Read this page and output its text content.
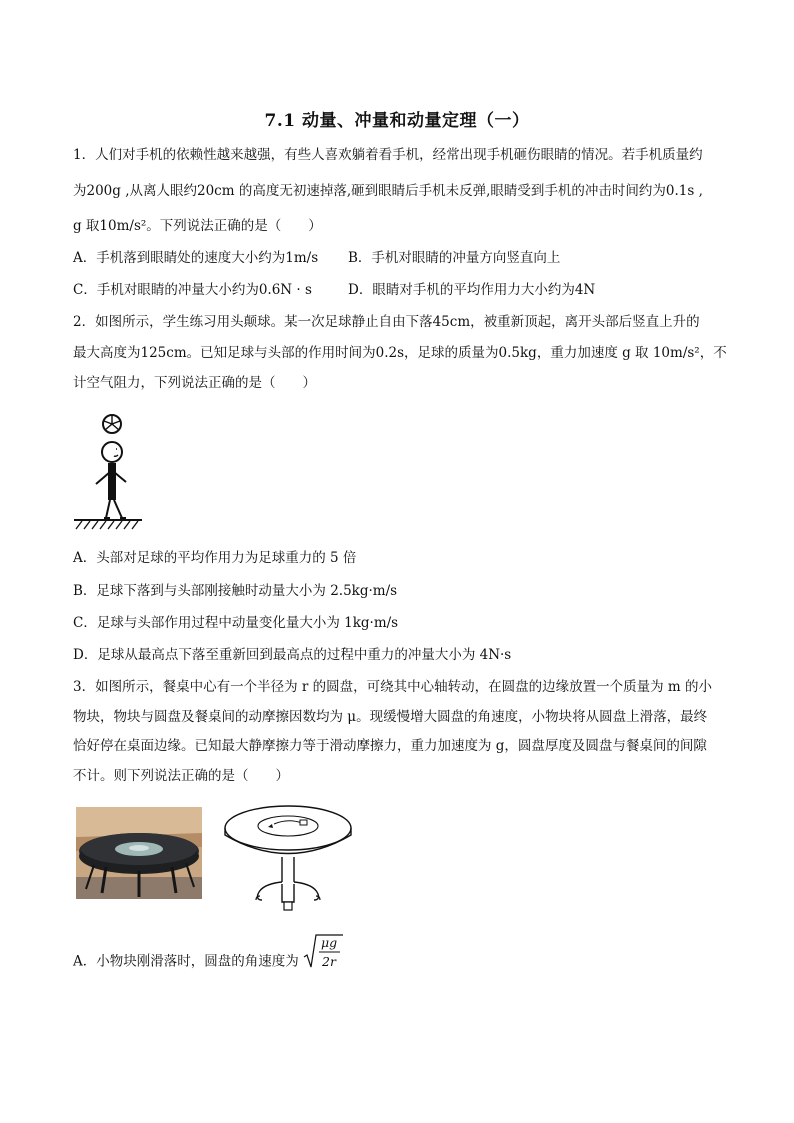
7.1 动量、冲量和动量定理（一）
1．人们对手机的依赖性越来越强，有些人喜欢躺着看手机，经常出现手机砸伤眼睛的情况。若手机质量约
为200g ,从离人眼约20cm 的高度无初速掉落,砸到眼睛后手机未反弹,眼睛受到手机的冲击时间约为0.1s ,
g 取10m/s²。下列说法正确的是（　　）
A．手机落到眼睛处的速度大小约为1m/s B．手机对眼睛的冲量方向竖直向上
C．手机对眼睛的冲量大小约为0.6N · s	D．眼睛对手机的平均作用力大小约为4N
2．如图所示，学生练习用头颠球。某一次足球静止自由下落45cm，被重新顶起，离开头部后竖直上升的
最大高度为125cm。已知足球与头部的作用时间为0.2s，足球的质量为0.5kg，重力加速度 g 取 10m/s²，不
计空气阻力，下列说法正确的是（　　）
A．头部对足球的平均作用力为足球重力的 5 倍
B．足球下落到与头部刚接触时动量大小为 2.5kg·m/s
C．足球与头部作用过程中动量变化量大小为 1kg·m/s
D．足球从最高点下落至重新回到最高点的过程中重力的冲量大小为 4N·s
3．如图所示，餐桌中心有一个半径为 r 的圆盘，可绕其中心轴转动，在圆盘的边缘放置一个质量为 m 的小
物块，物块与圆盘及餐桌间的动摩擦因数均为 μ。现缓慢增大圆盘的角速度，小物块将从圆盘上滑落，最终
恰好停在桌面边缘。已知最大静摩擦力等于滑动摩擦力，重力加速度为 g，圆盘厚度及圆盘与餐桌间的间隙
不计。则下列说法正确的是（　　）
A．小物块刚滑落时，圆盘的角速度为
μg
2r
